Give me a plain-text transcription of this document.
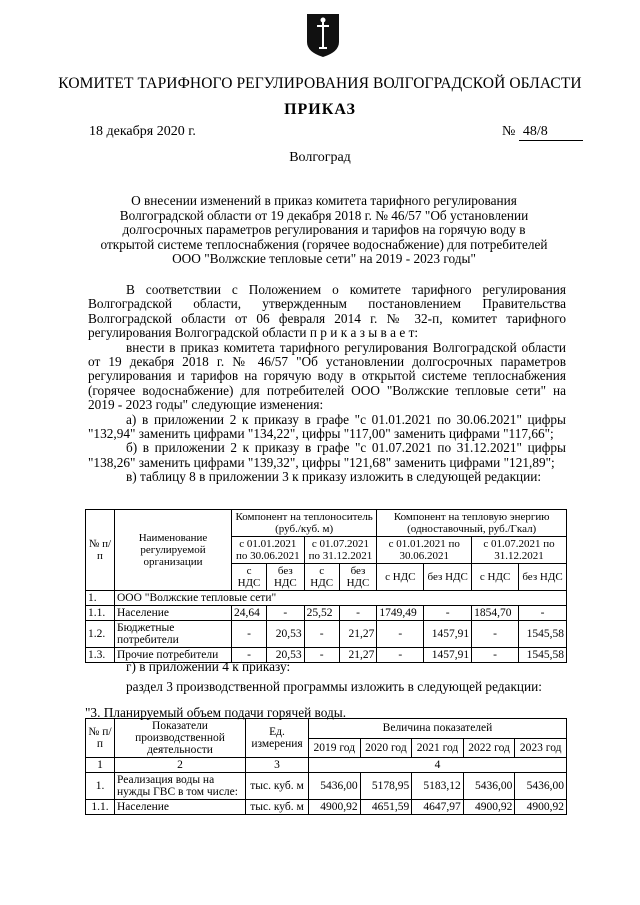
КОМИТЕТ ТАРИФНОГО РЕГУЛИРОВАНИЯ ВОЛГОГРАДСКОЙ ОБЛАСТИ
ПРИКАЗ
18 декабря 2020 г.	№ 48/8
Волгоград
О внесении изменений в приказ комитета тарифного регулирования Волгоградской области от 19 декабря 2018 г. № 46/57 "Об установлении долгосрочных параметров регулирования и тарифов на горячую воду в открытой системе теплоснабжения (горячее водоснабжение) для потребителей ООО "Волжские тепловые сети" на 2019 - 2023 годы"

В соответствии с Положением о комитете тарифного регулирования Волгоградской области, утвержденным постановлением Правительства Волгоградской области от 06 февраля 2014 г. № 32-п, комитет тарифного регулирования Волгоградской области п р и к а з ы в а е т:

внести в приказ комитета тарифного регулирования Волгоградской области от 19 декабря 2018 г. № 46/57 "Об установлении долгосрочных параметров регулирования и тарифов на горячую воду в открытой системе теплоснабжения (горячее водоснабжение) для потребителей ООО "Волжские тепловые сети" на 2019 - 2023 годы" следующие изменения:

а) в приложении 2 к приказу в графе "с 01.01.2021 по 30.06.2021" цифры "132,94" заменить цифрами "134,22", цифры "117,00" заменить цифрами "117,66";

б) в приложении 2 к приказу в графе "с 01.07.2021 по 31.12.2021" цифры "138,26" заменить цифрами "139,32", цифры "121,68" заменить цифрами "121,89";

в) таблицу 8 в приложении 3 к приказу изложить в следующей редакции:

№ п/п	Наименование регулируемой организации	Компонент на теплоноситель (руб./куб. м)				Компонент на тепловую энергию (одноставочный, руб./Гкал)			
		с 01.01.2021 по 30.06.2021		с 01.07.2021 по 31.12.2021		с 01.01.2021 по 30.06.2021		с 01.07.2021 по 31.12.2021	
		с НДС	без НДС	с НДС	без НДС	с НДС	без НДС	с НДС	без НДС
1.	ООО "Волжские тепловые сети"								
1.1.	Население	24,64	-	25,52	-	1749,49	-	1854,70	-
1.2.	Бюджетные потребители	-	20,53	-	21,27	-	1457,91	-	1545,58
1.3.	Прочие потребители	-	20,53	-	21,27	-	1457,91	-	1545,58

г) в приложении 4 к приказу:

раздел 3 производственной программы изложить в следующей редакции:

"3. Планируемый объем подачи горячей воды.
№ п/п	Показатели производственной деятельности	Ед. измерения	Величина показателей				
			2019 год	2020 год	2021 год	2022 год	2023 год
1	2	3	4				
1.	Реализация воды на нужды ГВС в том числе:	тыс. куб. м	5436,00	5178,95	5183,12	5436,00	5436,00
1.1.	Население	тыс. куб. м	4900,92	4651,59	4647,97	4900,92	4900,92
